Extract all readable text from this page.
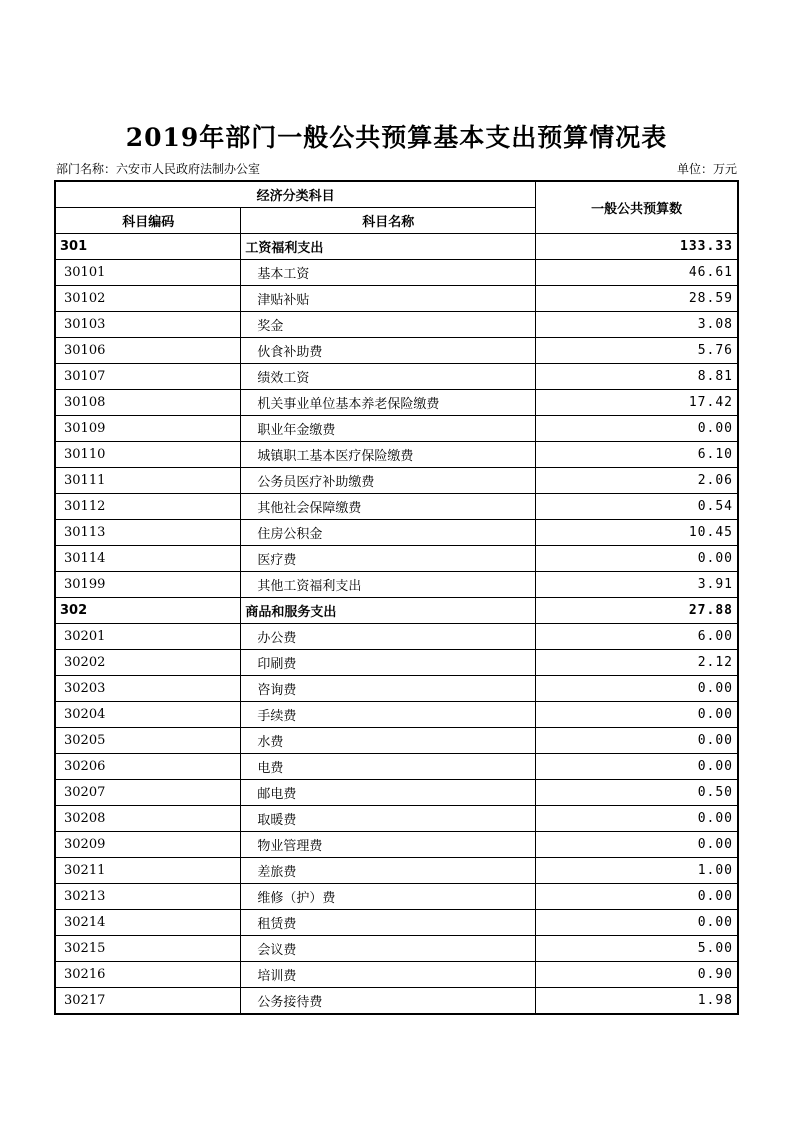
2019年部门一般公共预算基本支出预算情况表
部门名称：六安市人民政府法制办公室	单位：万元
经济分类科目		一般公共预算数
科目编码	科目名称	
301	工资福利支出	133.33
30101	基本工资	46.61
30102	津贴补贴	28.59
30103	奖金	3.08
30106	伙食补助费	5.76
30107	绩效工资	8.81
30108	机关事业单位基本养老保险缴费	17.42
30109	职业年金缴费	0.00
30110	城镇职工基本医疗保险缴费	6.10
30111	公务员医疗补助缴费	2.06
30112	其他社会保障缴费	0.54
30113	住房公积金	10.45
30114	医疗费	0.00
30199	其他工资福利支出	3.91
302	商品和服务支出	27.88
30201	办公费	6.00
30202	印刷费	2.12
30203	咨询费	0.00
30204	手续费	0.00
30205	水费	0.00
30206	电费	0.00
30207	邮电费	0.50
30208	取暖费	0.00
30209	物业管理费	0.00
30211	差旅费	1.00
30213	维修（护）费	0.00
30214	租赁费	0.00
30215	会议费	5.00
30216	培训费	0.90
30217	公务接待费	1.98
